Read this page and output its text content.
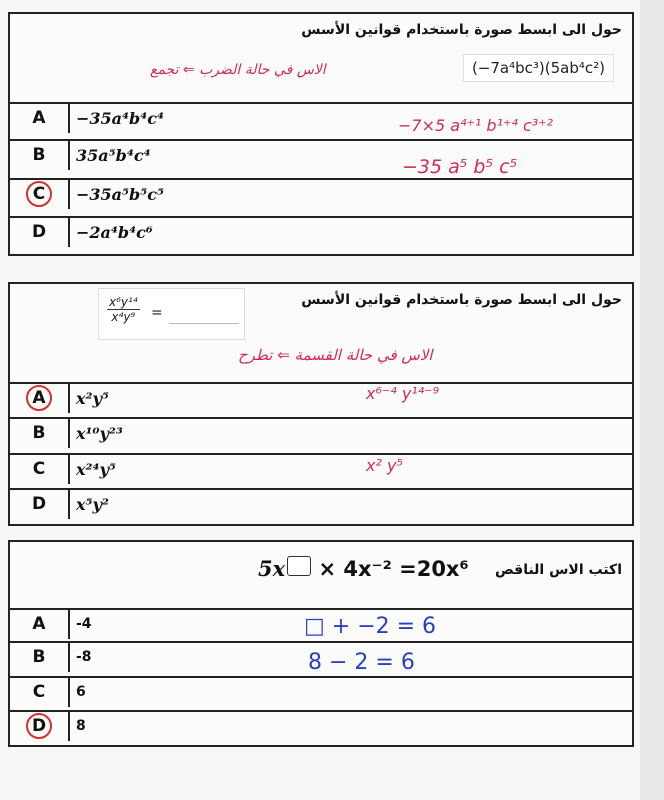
حول الى ابسط صورة باستخدام قوانين الأسس
(−7a⁴bc³)(5ab⁴c²)
الاس في حالة الضرب ⇐ تجمع
−7×5 a⁴⁺¹ b¹⁺⁴ c³⁺²
−35 a⁵ b⁵ c⁵
A	−35a⁴b⁴c⁴
B	35a⁵b⁴c⁴
C	−35a⁵b⁵c⁵
D	−2a⁴b⁴c⁶
حول الى ابسط صورة باستخدام قوانين الأسس
$\frac{\text{x⁶y¹⁴}}{\text{x⁴y⁹}}$ =
الاس في حالة القسمة ⇐ تطرح
x⁶⁻⁴ y¹⁴⁻⁹
x² y⁵
A	x²y⁵
B	x¹⁰y²³
C	x²⁴y⁵
D	x⁵y²
اكتب الاس الناقص
5x × 4x⁻² =20x⁶
□ + −2 = 6
8 − 2 = 6
A	-4
B	-8
C	6
D	8
